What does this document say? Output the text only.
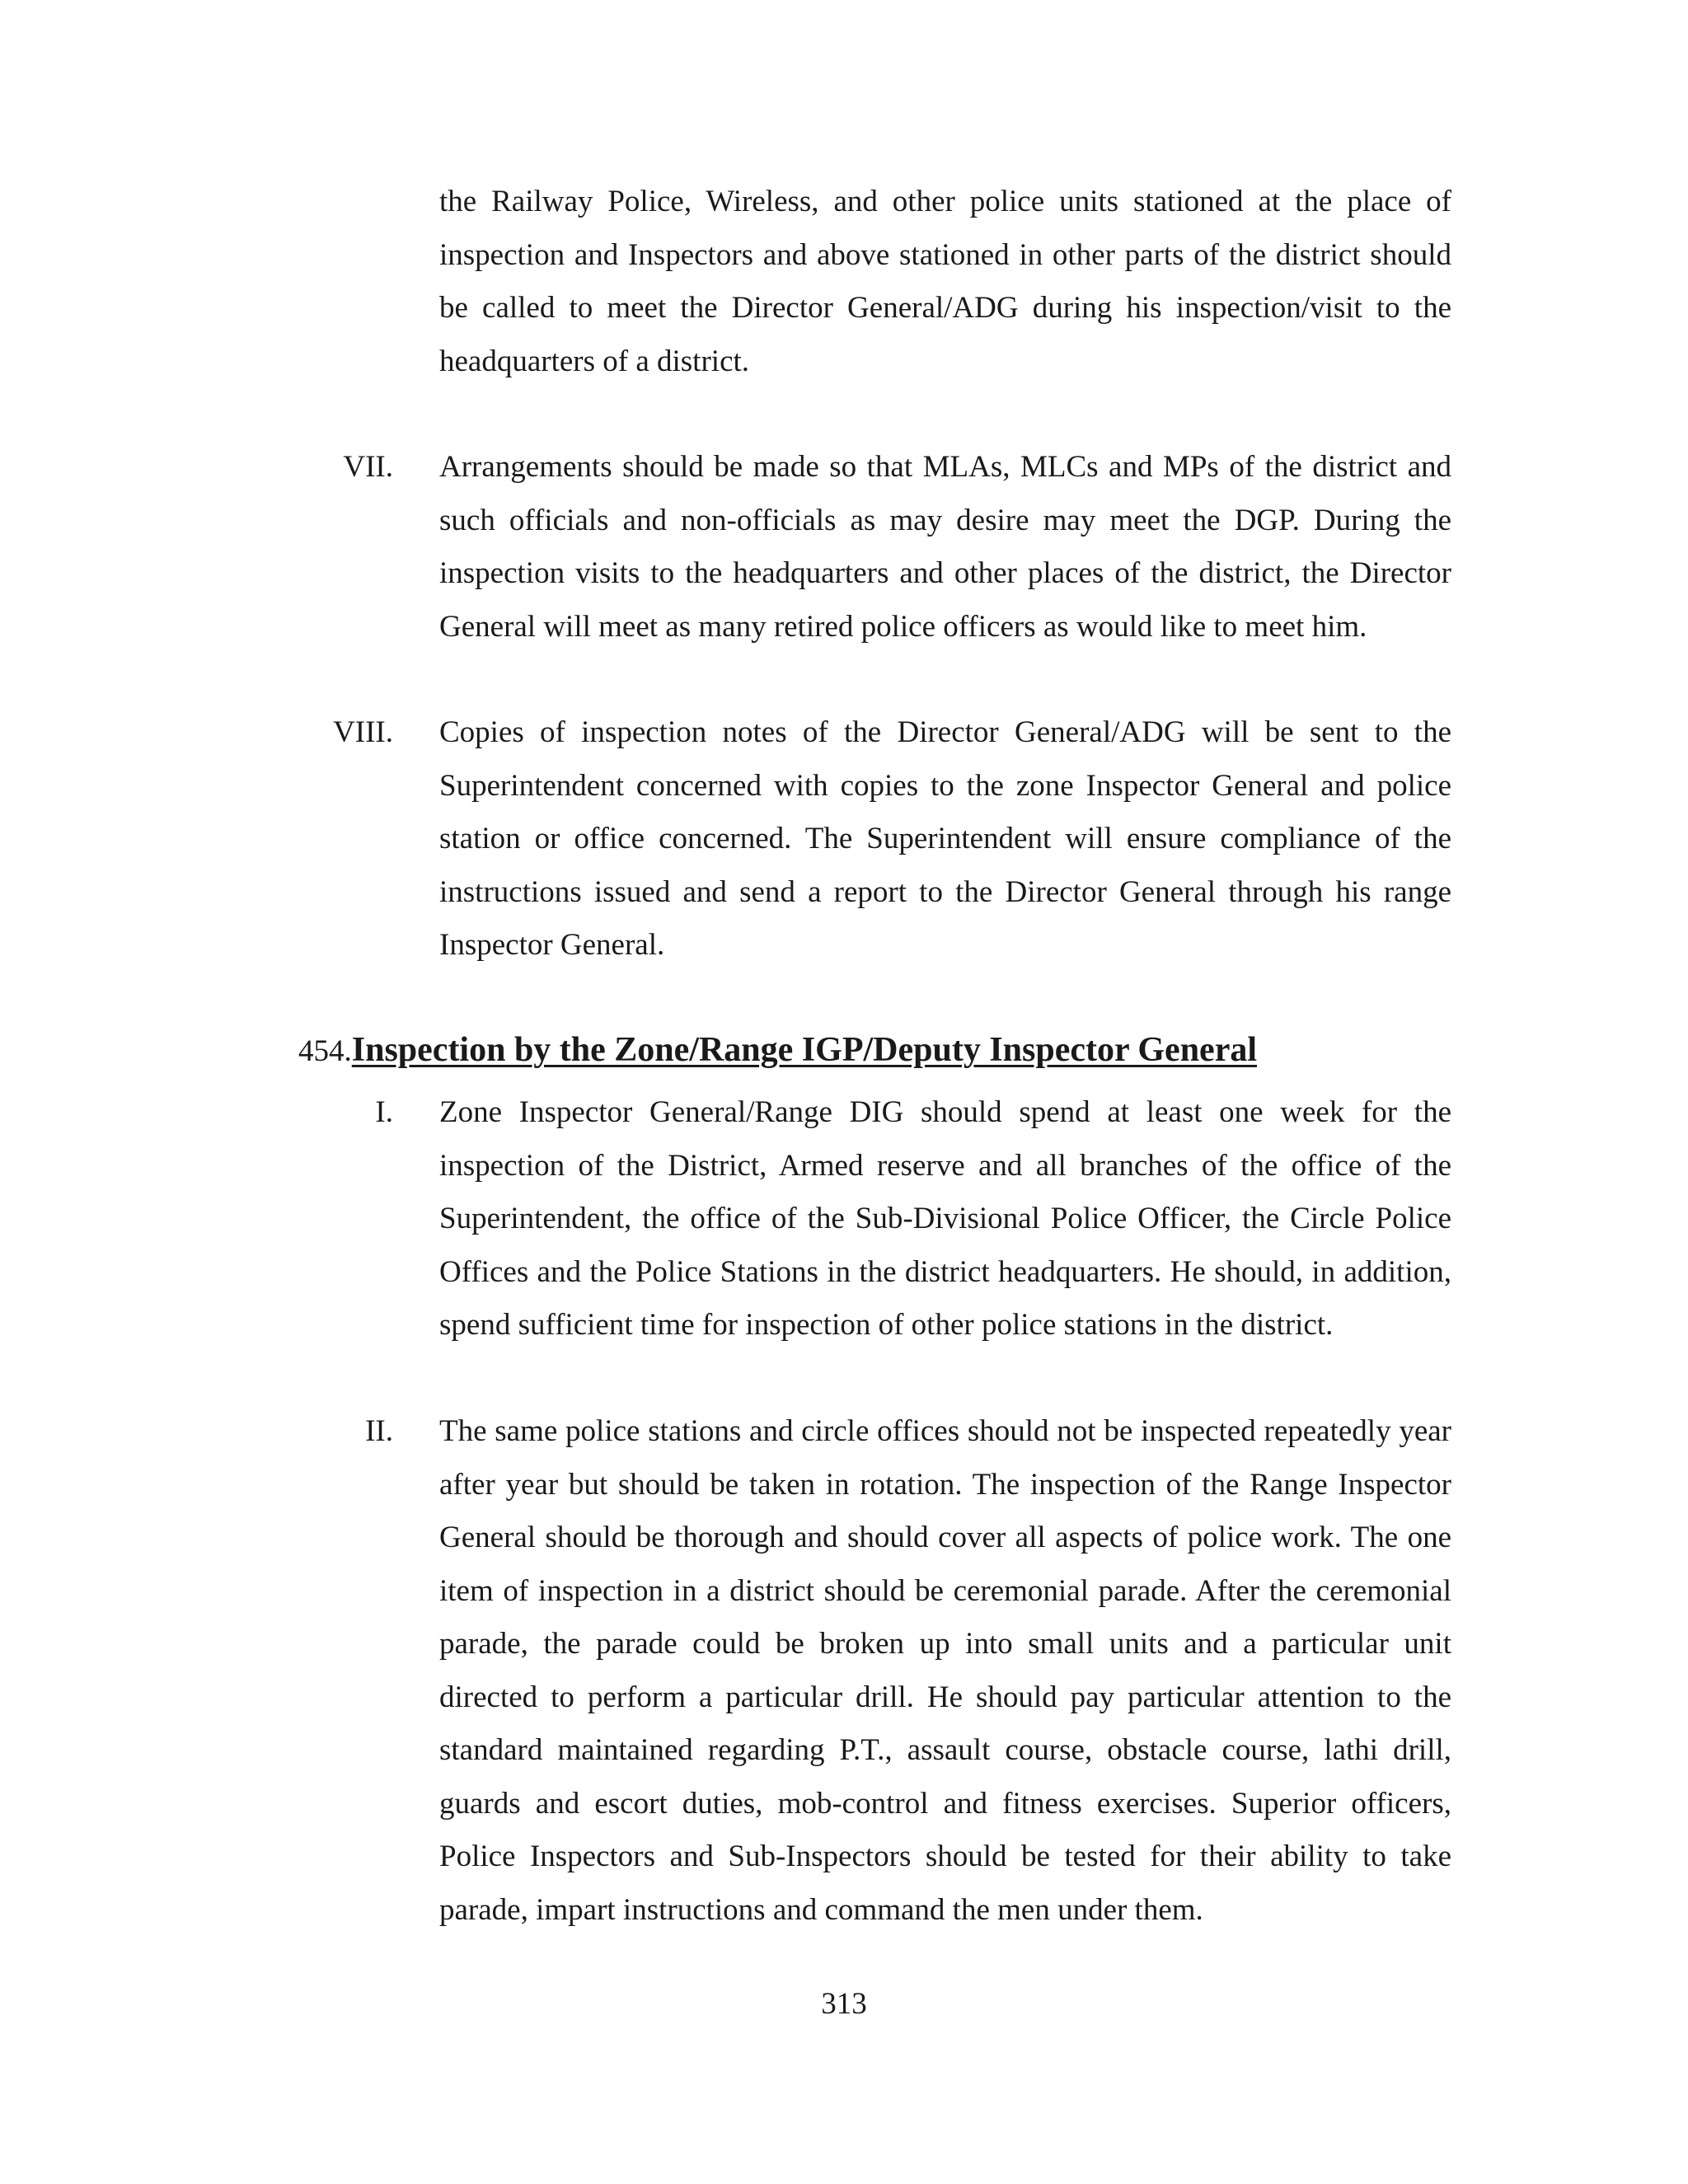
the Railway Police, Wireless, and other police units stationed at the place of inspection and Inspectors and above stationed in other parts of the district should be called to meet the Director General/ADG during his inspection/visit to the headquarters of a district.

VII. Arrangements should be made so that MLAs, MLCs and MPs of the district and such officials and non-officials as may desire may meet the DGP. During the inspection visits to the headquarters and other places of the district, the Director General will meet as many retired police officers as would like to meet him.

VIII. Copies of inspection notes of the Director General/ADG will be sent to the Superintendent concerned with copies to the zone Inspector General and police station or office concerned. The Superintendent will ensure compliance of the instructions issued and send a report to the Director General through his range Inspector General.

454.Inspection by the Zone/Range IGP/Deputy Inspector General
I. Zone Inspector General/Range DIG should spend at least one week for the inspection of the District, Armed reserve and all branches of the office of the Superintendent, the office of the Sub-Divisional Police Officer, the Circle Police Offices and the Police Stations in the district headquarters. He should, in addition, spend sufficient time for inspection of other police stations in the district.

II. The same police stations and circle offices should not be inspected repeatedly year after year but should be taken in rotation. The inspection of the Range Inspector General should be thorough and should cover all aspects of police work. The one item of inspection in a district should be ceremonial parade. After the ceremonial parade, the parade could be broken up into small units and a particular unit directed to perform a particular drill. He should pay particular attention to the standard maintained regarding P.T., assault course, obstacle course, lathi drill, guards and escort duties, mob-control and fitness exercises. Superior officers, Police Inspectors and Sub-Inspectors should be tested for their ability to take parade, impart instructions and command the men under them.

313
